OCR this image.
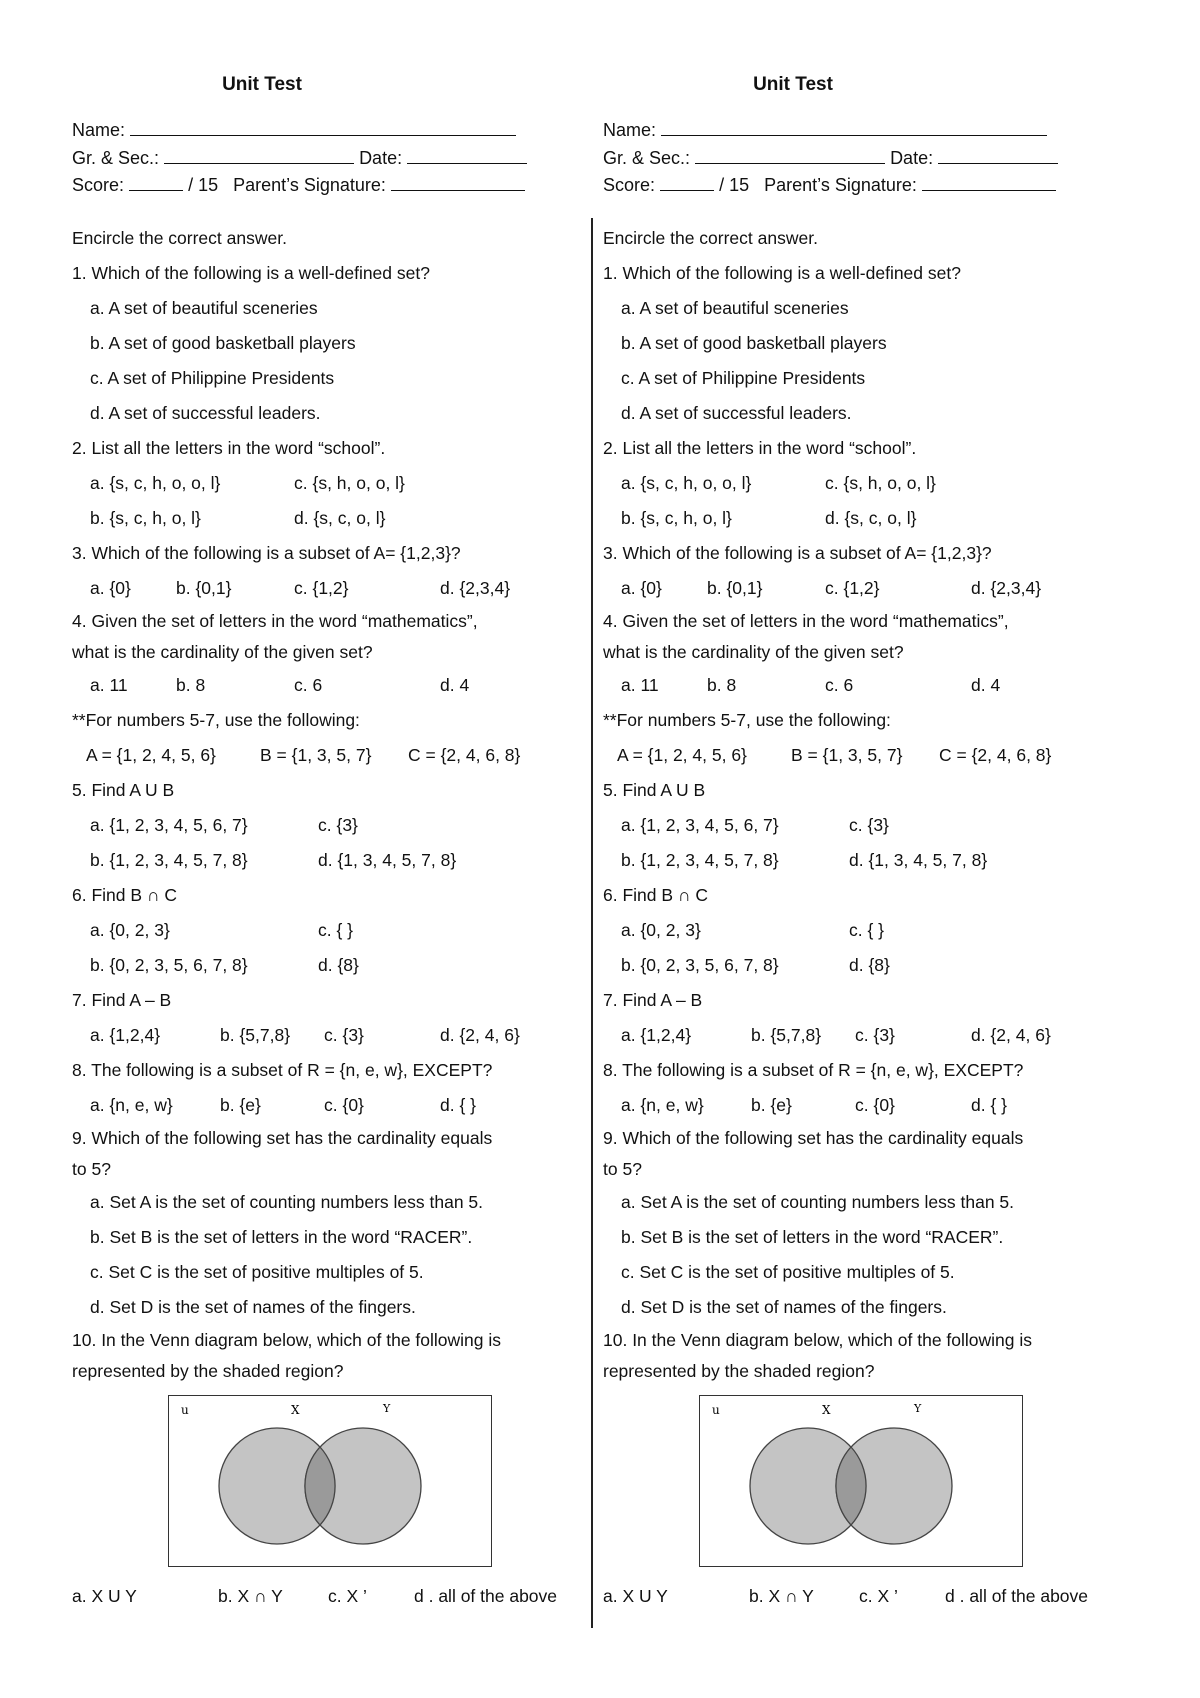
Unit Test
Name:
Gr. & Sec.:	Date:
Score:	/ 15 Parent’s Signature:
Encircle the correct answer.
1. Which of the following is a well-defined set?
a. A set of beautiful sceneries
b. A set of good basketball players
c. A set of Philippine Presidents
d. A set of successful leaders.
2. List all the letters in the word “school”.
a. {s, c, h, o, o, l}	c. {s, h, o, o, l}
b. {s, c, h, o, l}	d. {s, c, o, l}
3. Which of the following is a subset of A= {1,2,3}?
a. {0}	b. {0,1}	c. {1,2}	d. {2,3,4}
4. Given the set of letters in the word “mathematics”,
what is the cardinality of the given set?
a. 11	b. 8	c. 6	d. 4
**For numbers 5-7, use the following:
A = {1, 2, 4, 5, 6}	B = {1, 3, 5, 7}	C = {2, 4, 6, 8}
5. Find A U B
a. {1, 2, 3, 4, 5, 6, 7}	c. {3}
b. {1, 2, 3, 4, 5, 7, 8}	d. {1, 3, 4, 5, 7, 8}
6. Find B ∩ C
a. {0, 2, 3}	c. { }
b. {0, 2, 3, 5, 6, 7, 8}	d. {8}
7. Find A – B
a. {1,2,4}	b. {5,7,8}	c. {3}	d. {2, 4, 6}
8. The following is a subset of R = {n, e, w}, EXCEPT?
a. {n, e, w}	b. {e}	c. {0}	d. { }
9. Which of the following set has the cardinality equals
to 5?
a. Set A is the set of counting numbers less than 5.
b. Set B is the set of letters in the word “RACER”.
c. Set C is the set of positive multiples of 5.
d. Set D is the set of names of the fingers.
10. In the Venn diagram below, which of the following is
represented by the shaded region?
u	X	Y
a. X U Y	b. X ∩ Y	c. X ’	d . all of the above
Unit Test
Name:
Gr. & Sec.:	Date:
Score:	/ 15 Parent’s Signature:
Encircle the correct answer.
1. Which of the following is a well-defined set?
a. A set of beautiful sceneries
b. A set of good basketball players
c. A set of Philippine Presidents
d. A set of successful leaders.
2. List all the letters in the word “school”.
a. {s, c, h, o, o, l}	c. {s, h, o, o, l}
b. {s, c, h, o, l}	d. {s, c, o, l}
3. Which of the following is a subset of A= {1,2,3}?
a. {0}	b. {0,1}	c. {1,2}	d. {2,3,4}
4. Given the set of letters in the word “mathematics”,
what is the cardinality of the given set?
a. 11	b. 8	c. 6	d. 4
**For numbers 5-7, use the following:
A = {1, 2, 4, 5, 6}	B = {1, 3, 5, 7}	C = {2, 4, 6, 8}
5. Find A U B
a. {1, 2, 3, 4, 5, 6, 7}	c. {3}
b. {1, 2, 3, 4, 5, 7, 8}	d. {1, 3, 4, 5, 7, 8}
6. Find B ∩ C
a. {0, 2, 3}	c. { }
b. {0, 2, 3, 5, 6, 7, 8}	d. {8}
7. Find A – B
a. {1,2,4}	b. {5,7,8}	c. {3}	d. {2, 4, 6}
8. The following is a subset of R = {n, e, w}, EXCEPT?
a. {n, e, w}	b. {e}	c. {0}	d. { }
9. Which of the following set has the cardinality equals
to 5?
a. Set A is the set of counting numbers less than 5.
b. Set B is the set of letters in the word “RACER”.
c. Set C is the set of positive multiples of 5.
d. Set D is the set of names of the fingers.
10. In the Venn diagram below, which of the following is
represented by the shaded region?
u	X	Y
a. X U Y	b. X ∩ Y	c. X ’	d . all of the above
